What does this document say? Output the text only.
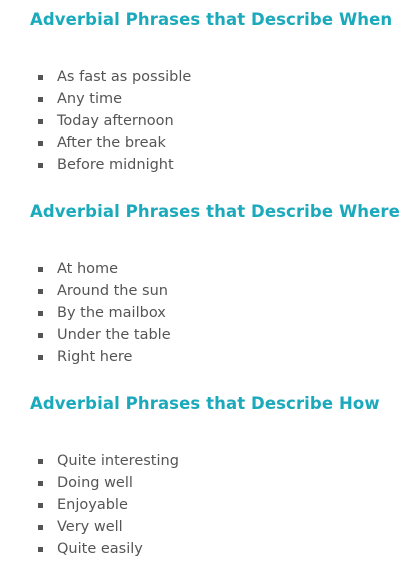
Adverbial Phrases that Describe When
As fast as possible
Any time
Today afternoon
After the break
Before midnight
Adverbial Phrases that Describe Where
At home
Around the sun
By the mailbox
Under the table
Right here
Adverbial Phrases that Describe How
Quite interesting
Doing well
Enjoyable
Very well
Quite easily
